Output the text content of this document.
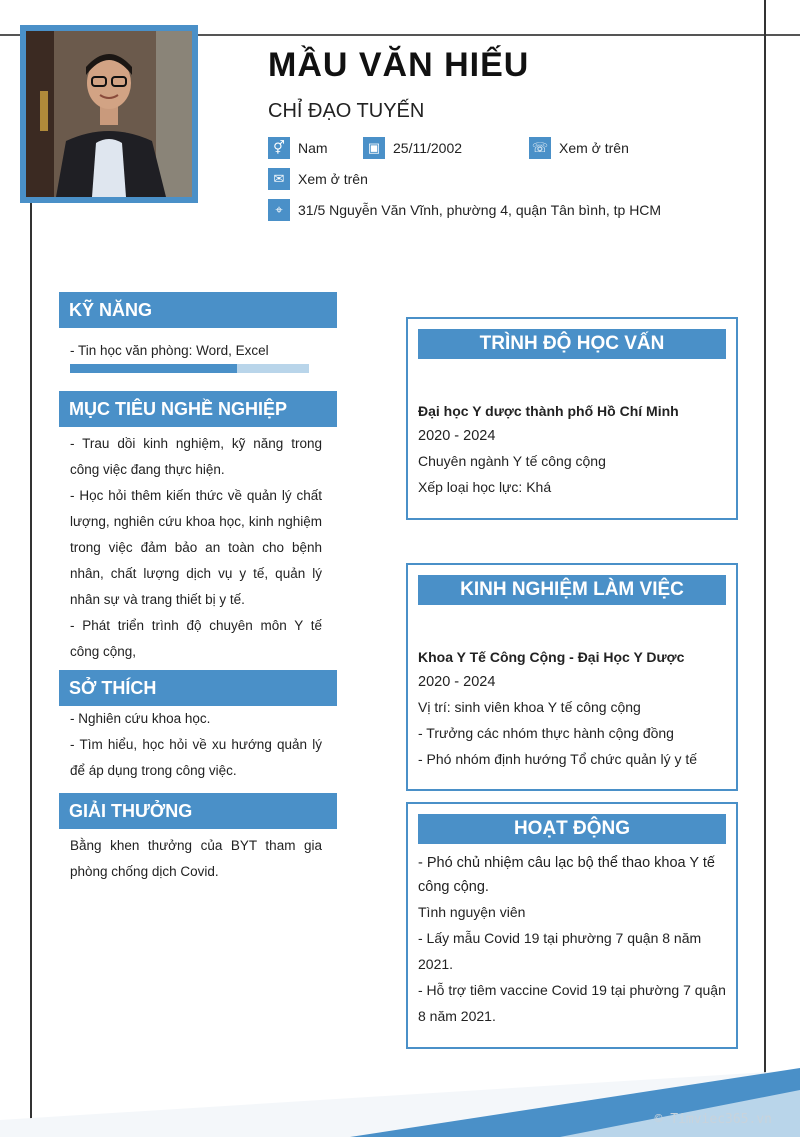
MẦU VĂN HIẾU
CHỈ ĐẠO TUYẾN
⚥ Nam	▣ 25/11/2002	☏ Xem ở trên
✉ Xem ở trên
⌖	31/5 Nguyễn Văn Vĩnh, phường 4, quận Tân bình, tp HCM
KỸ NĂNG
- Tin học văn phòng: Word, Excel
MỤC TIÊU NGHỀ NGHIỆP
- Trau dồi kinh nghiệm, kỹ năng trong công việc đang thực hiện.
- Học hỏi thêm kiến thức về quản lý chất lượng, nghiên cứu khoa học, kinh nghiệm trong việc đảm bảo an toàn cho bệnh nhân, chất lượng dịch vụ y tế, quản lý nhân sự và trang thiết bị y tế.
- Phát triển trình độ chuyên môn Y tế công cộng,
SỞ THÍCH
- Nghiên cứu khoa học.
- Tìm hiểu, học hỏi về xu hướng quản lý để áp dụng trong công việc.
GIẢI THƯỞNG
Bằng khen thưởng của BYT tham gia phòng chống dịch Covid.
TRÌNH ĐỘ HỌC VẤN
Đại học Y dược thành phố Hồ Chí Minh
2020 - 2024
Chuyên ngành Y tế công cộng
Xếp loại học lực: Khá
KINH NGHIỆM LÀM VIỆC
Khoa Y Tế Công Cộng - Đại Học Y Dược
2020 - 2024
Vị trí: sinh viên khoa Y tế công cộng
- Trưởng các nhóm thực hành cộng đồng
- Phó nhóm định hướng Tổ chức quản lý y tế
HOẠT ĐỘNG
- Phó chủ nhiệm câu lạc bộ thể thao khoa Y tế công cộng.
Tình nguyện viên
- Lấy mẫu Covid 19 tại phường 7 quận 8 năm 2021.
- Hỗ trợ tiêm vaccine Covid 19 tại phường 7 quận 8 năm 2021.
© Timviec365.vn
